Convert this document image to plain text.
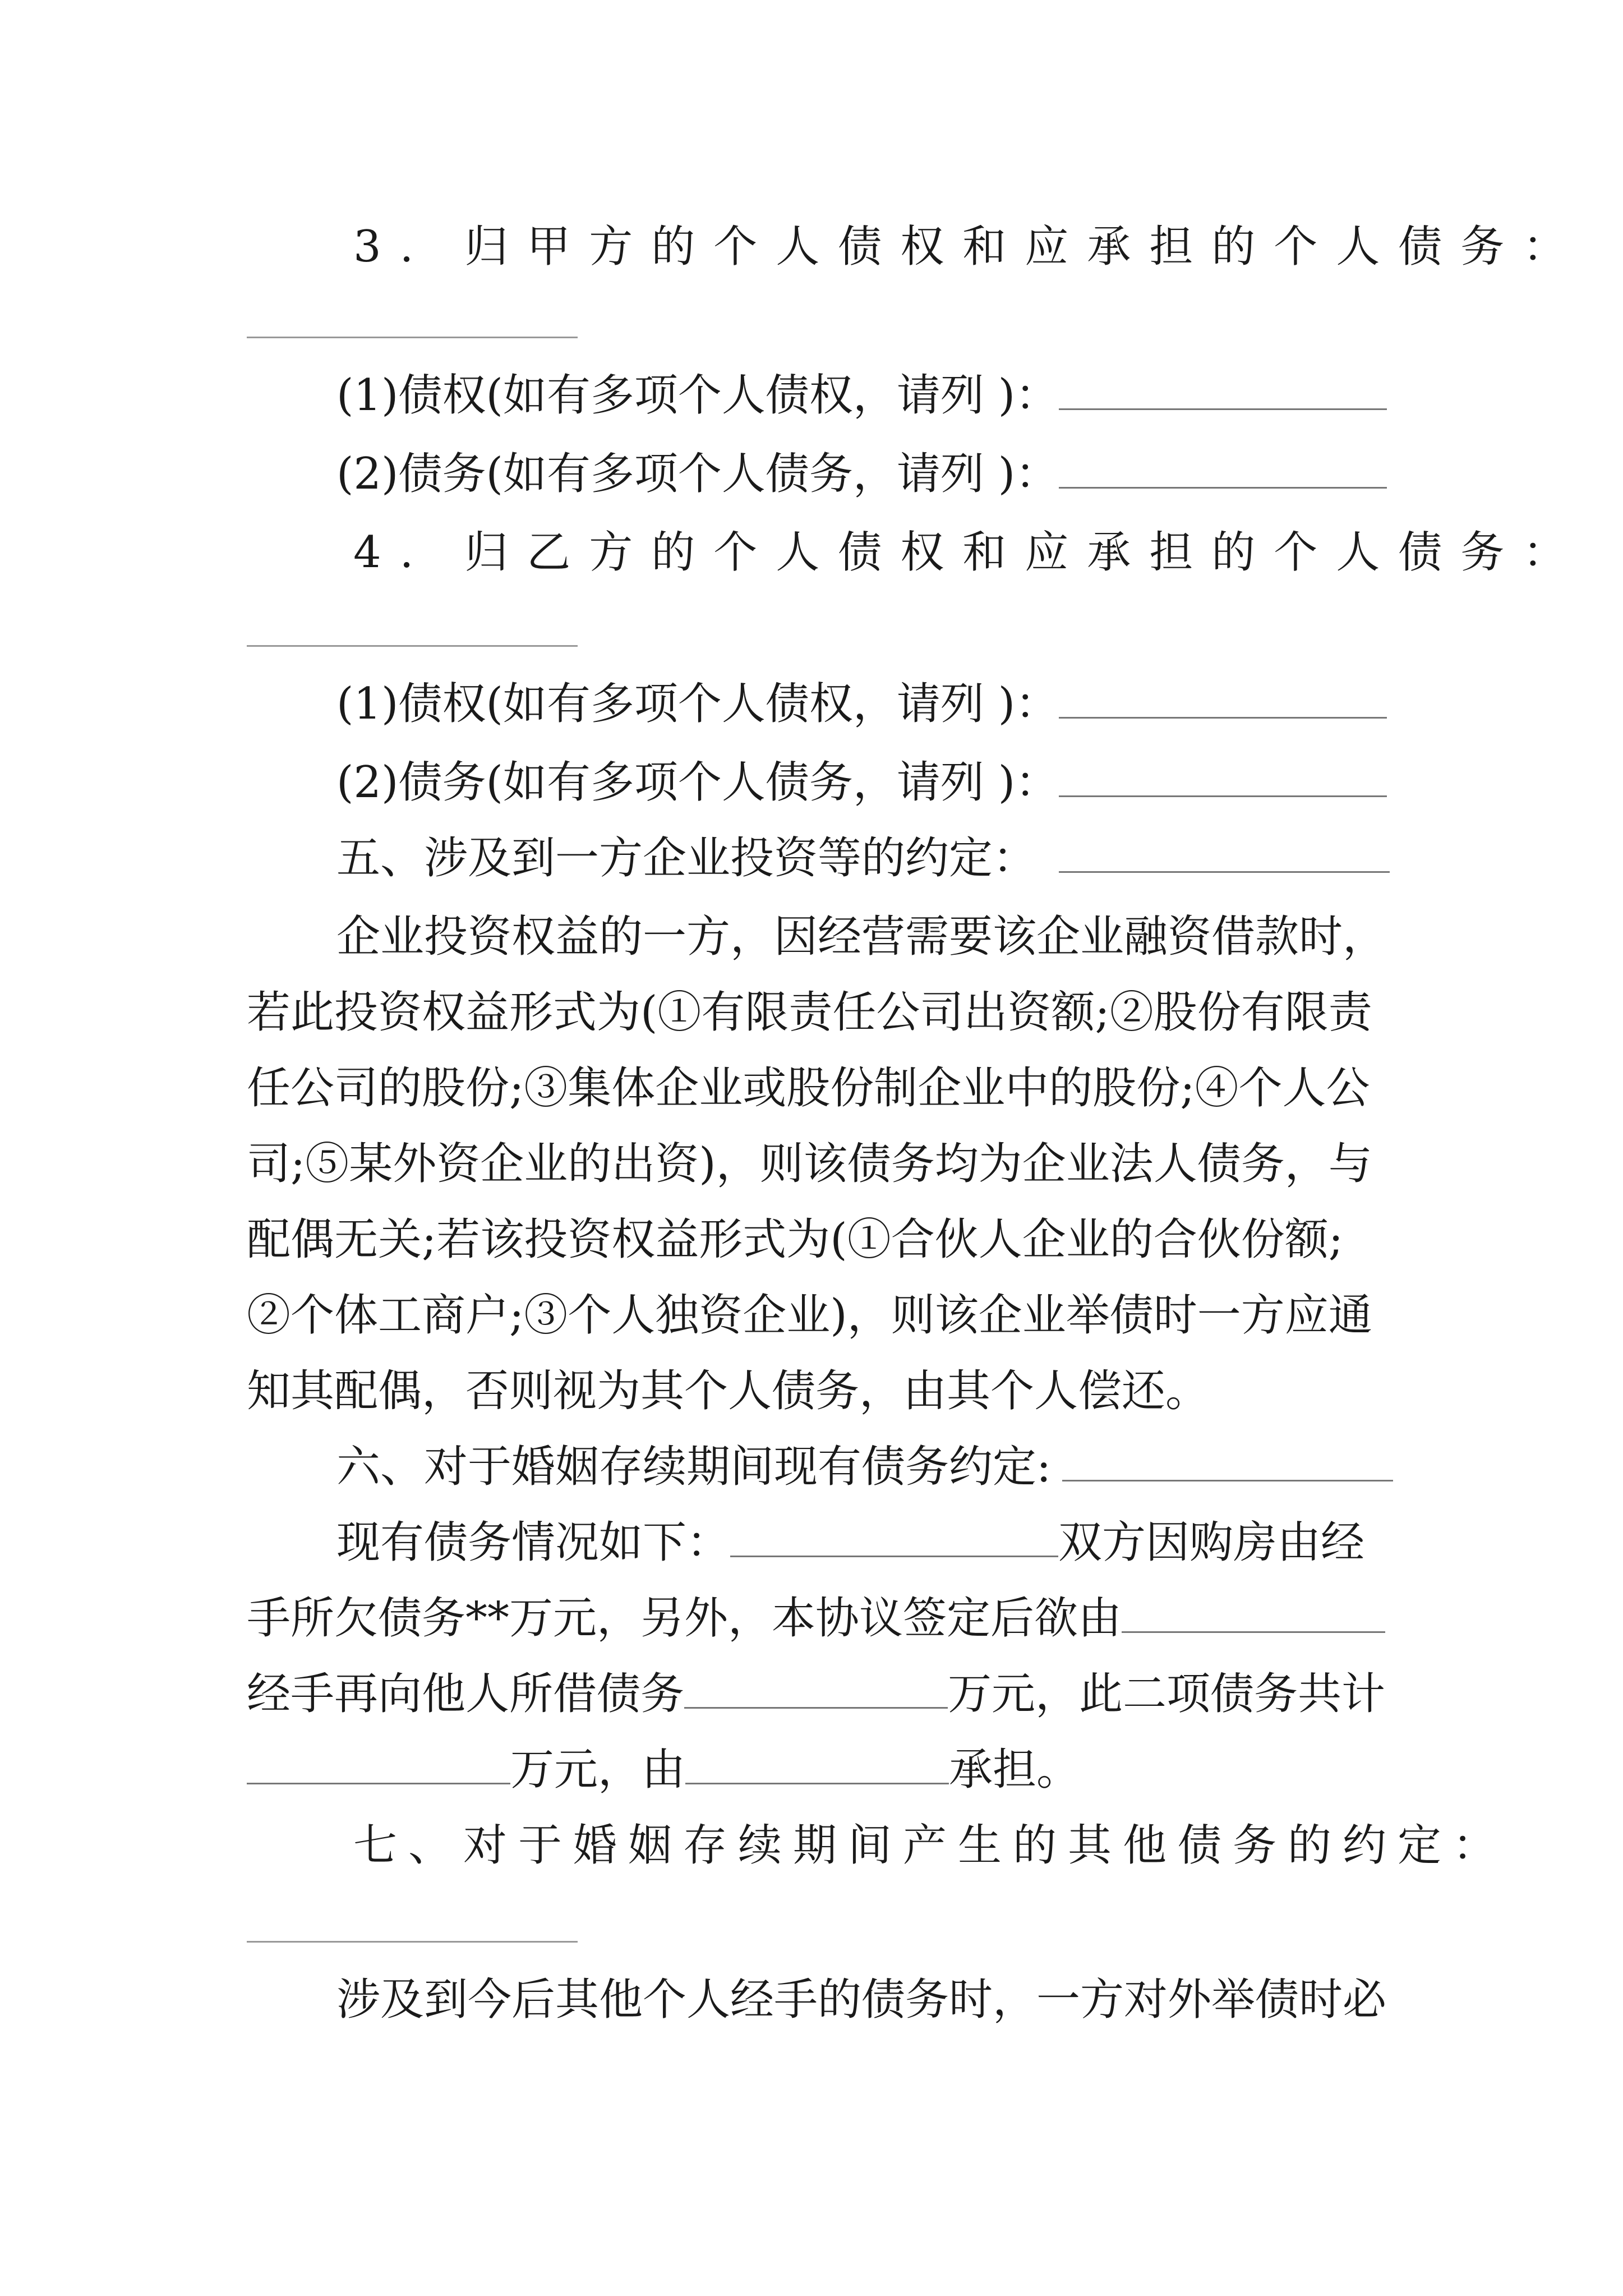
3. 归甲方的个人债权和应承担的个人债务：
(1)债权(如有多项个人债权，请列 )：
(2)债务(如有多项个人债务，请列 )：
4. 归乙方的个人债权和应承担的个人债务：
(1)债权(如有多项个人债权，请列 )：
(2)债务(如有多项个人债务，请列 )：
五、涉及到一方企业投资等的约定：
企业投资权益的一方，因经营需要该企业融资借款时，
若此投资权益形式为(①有限责任公司出资额;②股份有限责
任公司的股份;③集体企业或股份制企业中的股份;④个人公
司;⑤某外资企业的出资)，则该债务均为企业法人债务，与
配偶无关;若该投资权益形式为(①合伙人企业的合伙份额;
②个体工商户;③个人独资企业)，则该企业举债时一方应通
知其配偶，否则视为其个人债务，由其个人偿还。
六、对于婚姻存续期间现有债务约定:
现有债务情况如下：	双方因购房由经
手所欠债务**万元，另外，本协议签定后欲由
经手再向他人所借债务	万元，此二项债务共计
万元，由	承担。
七、对于婚姻存续期间产生的其他债务的约定：
涉及到今后其他个人经手的债务时，一方对外举债时必
